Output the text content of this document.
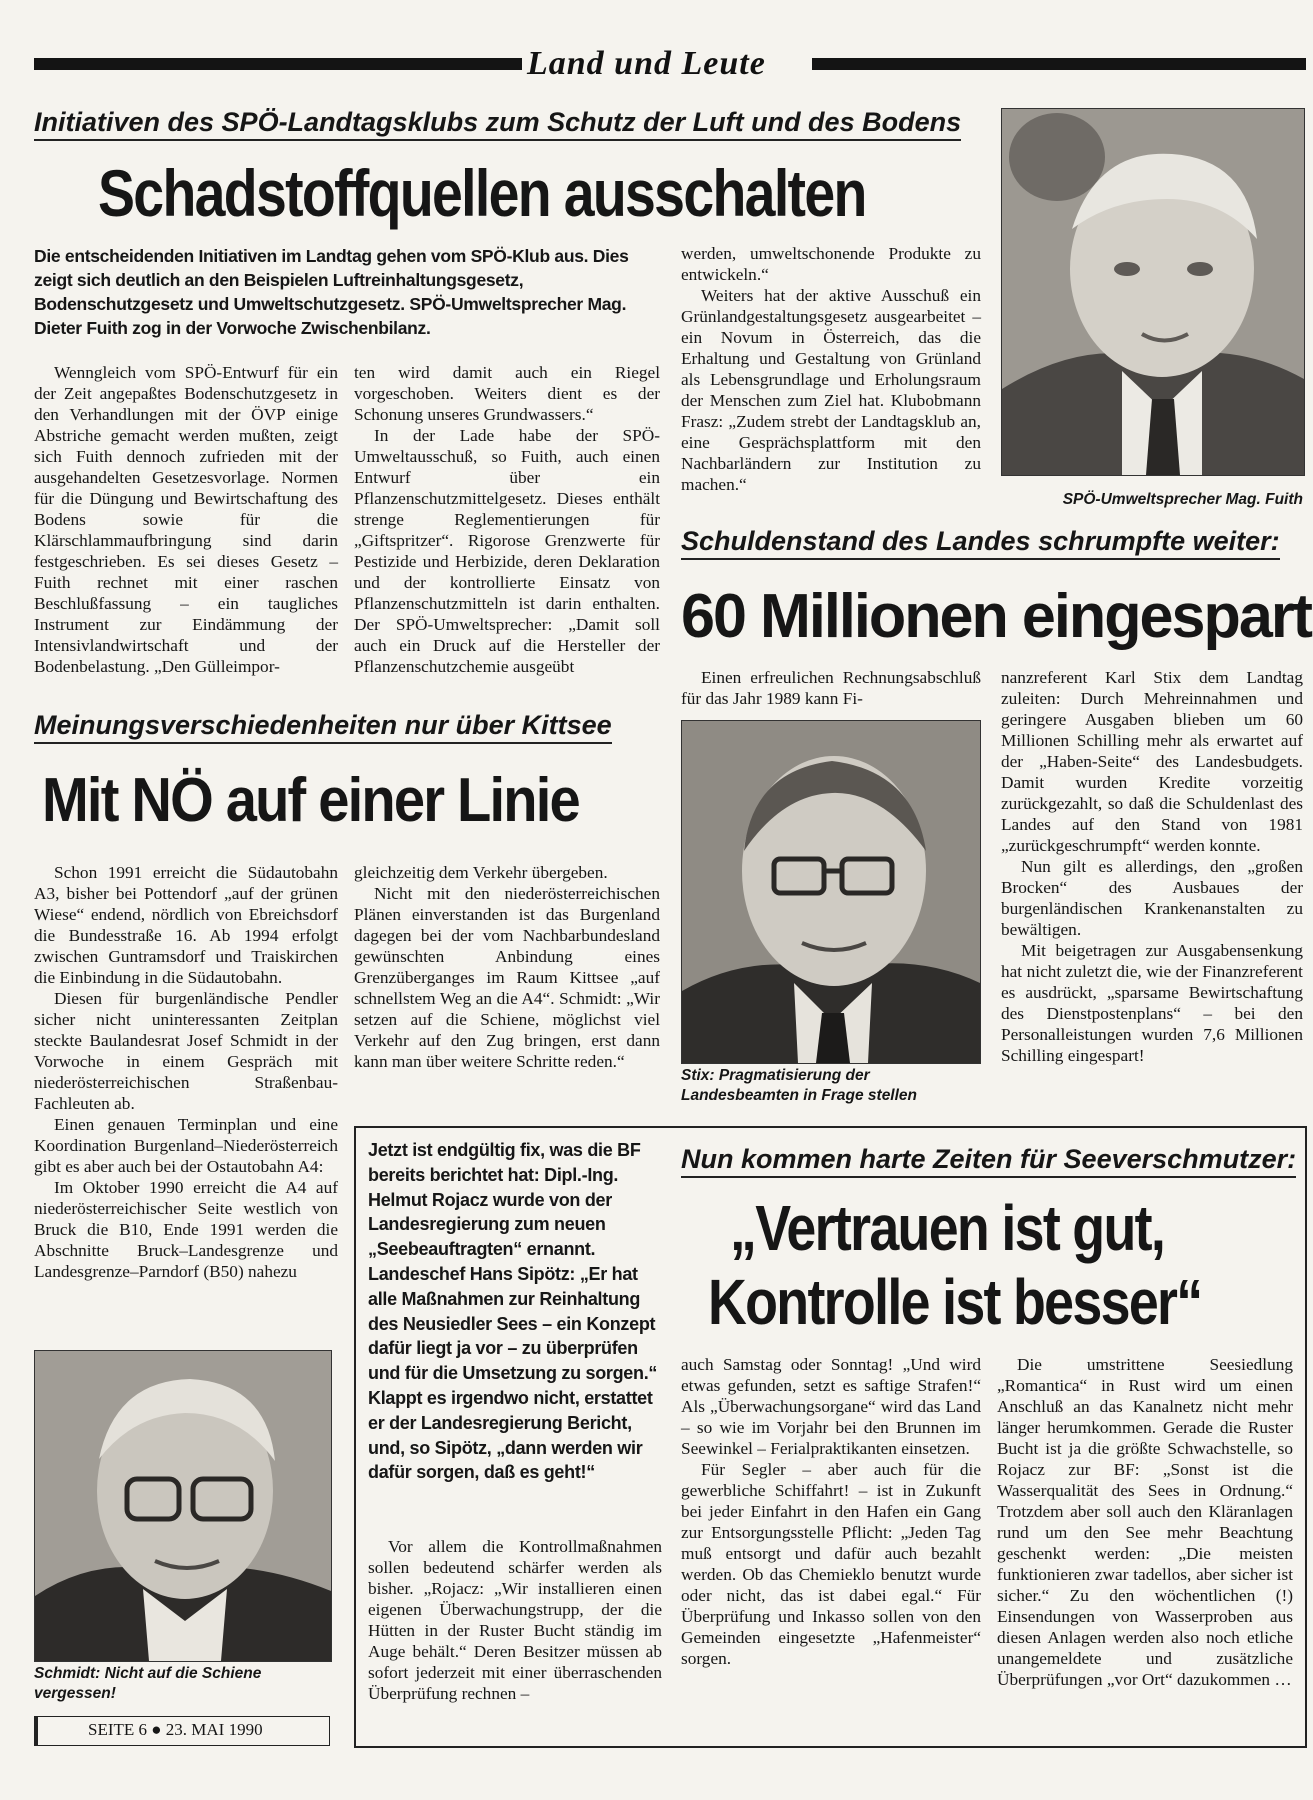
Land und Leute
Initiativen des SPÖ-Landtagsklubs zum Schutz der Luft und des Bodens
Schadstoffquellen ausschalten
Die entscheidenden Initiativen im Landtag gehen vom SPÖ-Klub aus. Dies zeigt sich deutlich an den Beispielen Luftreinhaltungsgesetz, Bodenschutzgesetz und Umweltschutzgesetz. SPÖ-Umweltsprecher Mag. Dieter Fuith zog in der Vorwoche Zwischenbilanz.

Wenngleich vom SPÖ-Entwurf für ein der Zeit angepaßtes Bodenschutzgesetz in den Verhandlungen mit der ÖVP einige Abstriche gemacht werden mußten, zeigt sich Fuith dennoch zufrieden mit der ausgehandelten Gesetzesvorlage. Normen für die Düngung und Bewirtschaftung des Bodens sowie für die Klärschlammaufbringung sind darin festgeschrieben. Es sei dieses Gesetz – Fuith rechnet mit einer raschen Beschlußfassung – ein taugliches Instrument zur Eindämmung der Intensivlandwirtschaft und der Bodenbelastung. „Den Gülleimpor-

ten wird damit auch ein Riegel vorgeschoben. Weiters dient es der Schonung unseres Grundwassers.“

In der Lade habe der SPÖ-Umweltausschuß, so Fuith, auch einen Entwurf über ein Pflanzenschutzmittelgesetz. Dieses enthält strenge Reglementierungen für „Giftspritzer“. Rigorose Grenzwerte für Pestizide und Herbizide, deren Deklaration und der kontrollierte Einsatz von Pflanzenschutzmitteln ist darin enthalten. Der SPÖ-Umweltsprecher: „Damit soll auch ein Druck auf die Hersteller der Pflanzenschutzchemie ausgeübt

werden, umweltschonende Produkte zu entwickeln.“

Weiters hat der aktive Ausschuß ein Grünlandgestaltungsgesetz ausgearbeitet – ein Novum in Österreich, das die Erhaltung und Gestaltung von Grünland als Lebensgrundlage und Erholungsraum der Menschen zum Ziel hat. Klubobmann Frasz: „Zudem strebt der Landtagsklub an, eine Gesprächsplattform mit den Nachbarländern zur Institution zu machen.“

SPÖ-Umweltsprecher Mag. Fuith
Schuldenstand des Landes schrumpfte weiter:
60 Millionen eingespart

Einen erfreulichen Rechnungsabschluß für das Jahr 1989 kann Fi-

Stix: Pragmatisierung der Landesbeamten in Frage stellen

nanzreferent Karl Stix dem Landtag zuleiten: Durch Mehreinnahmen und geringere Ausgaben blieben um 60 Millionen Schilling mehr als erwartet auf der „Haben-Seite“ des Landesbudgets. Damit wurden Kredite vorzeitig zurückgezahlt, so daß die Schuldenlast des Landes auf den Stand von 1981 „zurückgeschrumpft“ werden konnte.

Nun gilt es allerdings, den „großen Brocken“ des Ausbaues der burgenländischen Krankenanstalten zu bewältigen.

Mit beigetragen zur Ausgabensenkung hat nicht zuletzt die, wie der Finanzreferent es ausdrückt, „sparsame Bewirtschaftung des Dienstpostenplans“ – bei den Personalleistungen wurden 7,6 Millionen Schilling eingespart!

Meinungsverschiedenheiten nur über Kittsee
Mit NÖ auf einer Linie

Schon 1991 erreicht die Südautobahn A3, bisher bei Pottendorf „auf der grünen Wiese“ endend, nördlich von Ebreichsdorf die Bundesstraße 16. Ab 1994 erfolgt zwischen Guntramsdorf und Traiskirchen die Einbindung in die Südautobahn.

Diesen für burgenländische Pendler sicher nicht uninteressanten Zeitplan steckte Baulandesrat Josef Schmidt in der Vorwoche in einem Gespräch mit niederösterreichischen Straßenbau-Fachleuten ab.

Einen genauen Terminplan und eine Koordination Burgenland–Niederösterreich gibt es aber auch bei der Ostautobahn A4:

Im Oktober 1990 erreicht die A4 auf niederösterreichischer Seite westlich von Bruck die B10, Ende 1991 werden die Abschnitte Bruck–Landesgrenze und Landesgrenze–Parndorf (B50) nahezu

gleichzeitig dem Verkehr übergeben.

Nicht mit den niederösterreichischen Plänen einverstanden ist das Burgenland dagegen bei der vom Nachbarbundesland gewünschten Anbindung eines Grenzüberganges im Raum Kittsee „auf schnellstem Weg an die A4“. Schmidt: „Wir setzen auf die Schiene, möglichst viel Verkehr auf den Zug bringen, erst dann kann man über weitere Schritte reden.“

Schmidt: Nicht auf die Schiene vergessen!
Jetzt ist endgültig fix, was die BF bereits berichtet hat: Dipl.-Ing. Helmut Rojacz wurde von der Landesregierung zum neuen „Seebeauftragten“ ernannt. Landeschef Hans Sipötz: „Er hat alle Maßnahmen zur Reinhaltung des Neusiedler Sees – ein Konzept dafür liegt ja vor – zu überprüfen und für die Umsetzung zu sorgen.“ Klappt es irgendwo nicht, erstattet er der Landesregierung Bericht, und, so Sipötz, „dann werden wir dafür sorgen, daß es geht!“

Vor allem die Kontrollmaßnahmen sollen bedeutend schärfer werden als bisher. „Rojacz: „Wir installieren einen eigenen Überwachungstrupp, der die Hütten in der Ruster Bucht ständig im Auge behält.“ Deren Besitzer müssen ab sofort jederzeit mit einer überraschenden Überprüfung rechnen –

Nun kommen harte Zeiten für Seeverschmutzer:
„Vertrauen ist gut,
Kontrolle ist besser“

auch Samstag oder Sonntag! „Und wird etwas gefunden, setzt es saftige Strafen!“ Als „Überwachungsorgane“ wird das Land – so wie im Vorjahr bei den Brunnen im Seewinkel – Ferialpraktikanten einsetzen.

Für Segler – aber auch für die gewerbliche Schiffahrt! – ist in Zukunft bei jeder Einfahrt in den Hafen ein Gang zur Entsorgungsstelle Pflicht: „Jeden Tag muß entsorgt und dafür auch bezahlt werden. Ob das Chemieklo benutzt wurde oder nicht, das ist dabei egal.“ Für Überprüfung und Inkasso sollen von den Gemeinden eingesetzte „Hafenmeister“ sorgen.

Die umstrittene Seesiedlung „Romantica“ in Rust wird um einen Anschluß an das Kanalnetz nicht mehr länger herumkommen. Gerade die Ruster Bucht ist ja die größte Schwachstelle, so Rojacz zur BF: „Sonst ist die Wasserqualität des Sees in Ordnung.“ Trotzdem aber soll auch den Kläranlagen rund um den See mehr Beachtung geschenkt werden: „Die meisten funktionieren zwar tadellos, aber sicher ist sicher.“ Zu den wöchentlichen (!) Einsendungen von Wasserproben aus diesen Anlagen werden also noch etliche unangemeldete und zusätzliche Überprüfungen „vor Ort“ dazukommen …

SEITE 6 ● 23. MAI 1990
